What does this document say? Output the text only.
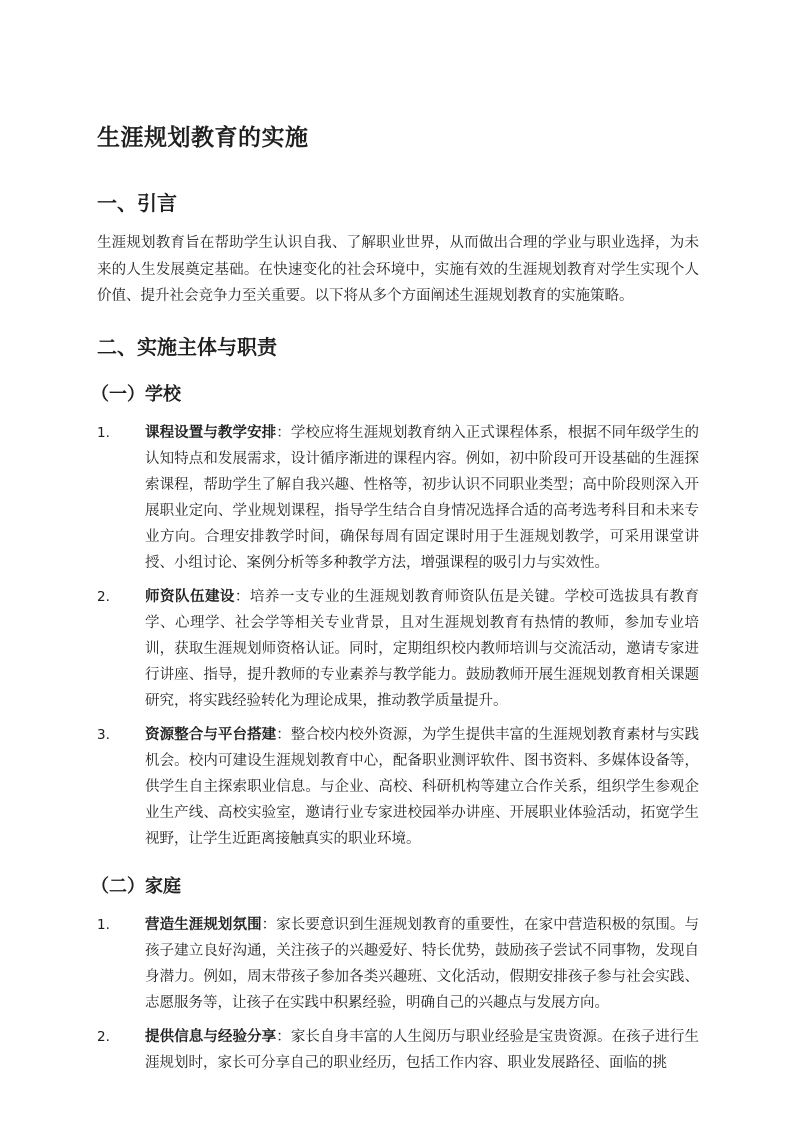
生涯规划教育的实施
一、引言

生涯规划教育旨在帮助学生认识自我、了解职业世界，从而做出合理的学业与职业选择，为未来的人生发展奠定基础。在快速变化的社会环境中，实施有效的生涯规划教育对学生实现个人价值、提升社会竞争力至关重要。以下将从多个方面阐述生涯规划教育的实施策略。

二、实施主体与职责
（一）学校
1. 课程设置与教学安排：学校应将生涯规划教育纳入正式课程体系，根据不同年级学生的认知特点和发展需求，设计循序渐进的课程内容。例如，初中阶段可开设基础的生涯探索课程，帮助学生了解自我兴趣、性格等，初步认识不同职业类型；高中阶段则深入开展职业定向、学业规划课程，指导学生结合自身情况选择合适的高考选考科目和未来专业方向。合理安排教学时间，确保每周有固定课时用于生涯规划教学，可采用课堂讲授、小组讨论、案例分析等多种教学方法，增强课程的吸引力与实效性。
2. 师资队伍建设：培养一支专业的生涯规划教育师资队伍是关键。学校可选拔具有教育学、心理学、社会学等相关专业背景，且对生涯规划教育有热情的教师，参加专业培训，获取生涯规划师资格认证。同时，定期组织校内教师培训与交流活动，邀请专家进行讲座、指导，提升教师的专业素养与教学能力。鼓励教师开展生涯规划教育相关课题研究，将实践经验转化为理论成果，推动教学质量提升。
3. 资源整合与平台搭建：整合校内校外资源，为学生提供丰富的生涯规划教育素材与实践机会。校内可建设生涯规划教育中心，配备职业测评软件、图书资料、多媒体设备等，供学生自主探索职业信息。与企业、高校、科研机构等建立合作关系，组织学生参观企业生产线、高校实验室，邀请行业专家进校园举办讲座、开展职业体验活动，拓宽学生视野，让学生近距离接触真实的职业环境。
（二）家庭
1. 营造生涯规划氛围：家长要意识到生涯规划教育的重要性，在家中营造积极的氛围。与孩子建立良好沟通，关注孩子的兴趣爱好、特长优势，鼓励孩子尝试不同事物，发现自身潜力。例如，周末带孩子参加各类兴趣班、文化活动，假期安排孩子参与社会实践、志愿服务等，让孩子在实践中积累经验，明确自己的兴趣点与发展方向。
2. 提供信息与经验分享：家长自身丰富的人生阅历与职业经验是宝贵资源。在孩子进行生涯规划时，家长可分享自己的职业经历，包括工作内容、职业发展路径、面临的挑
